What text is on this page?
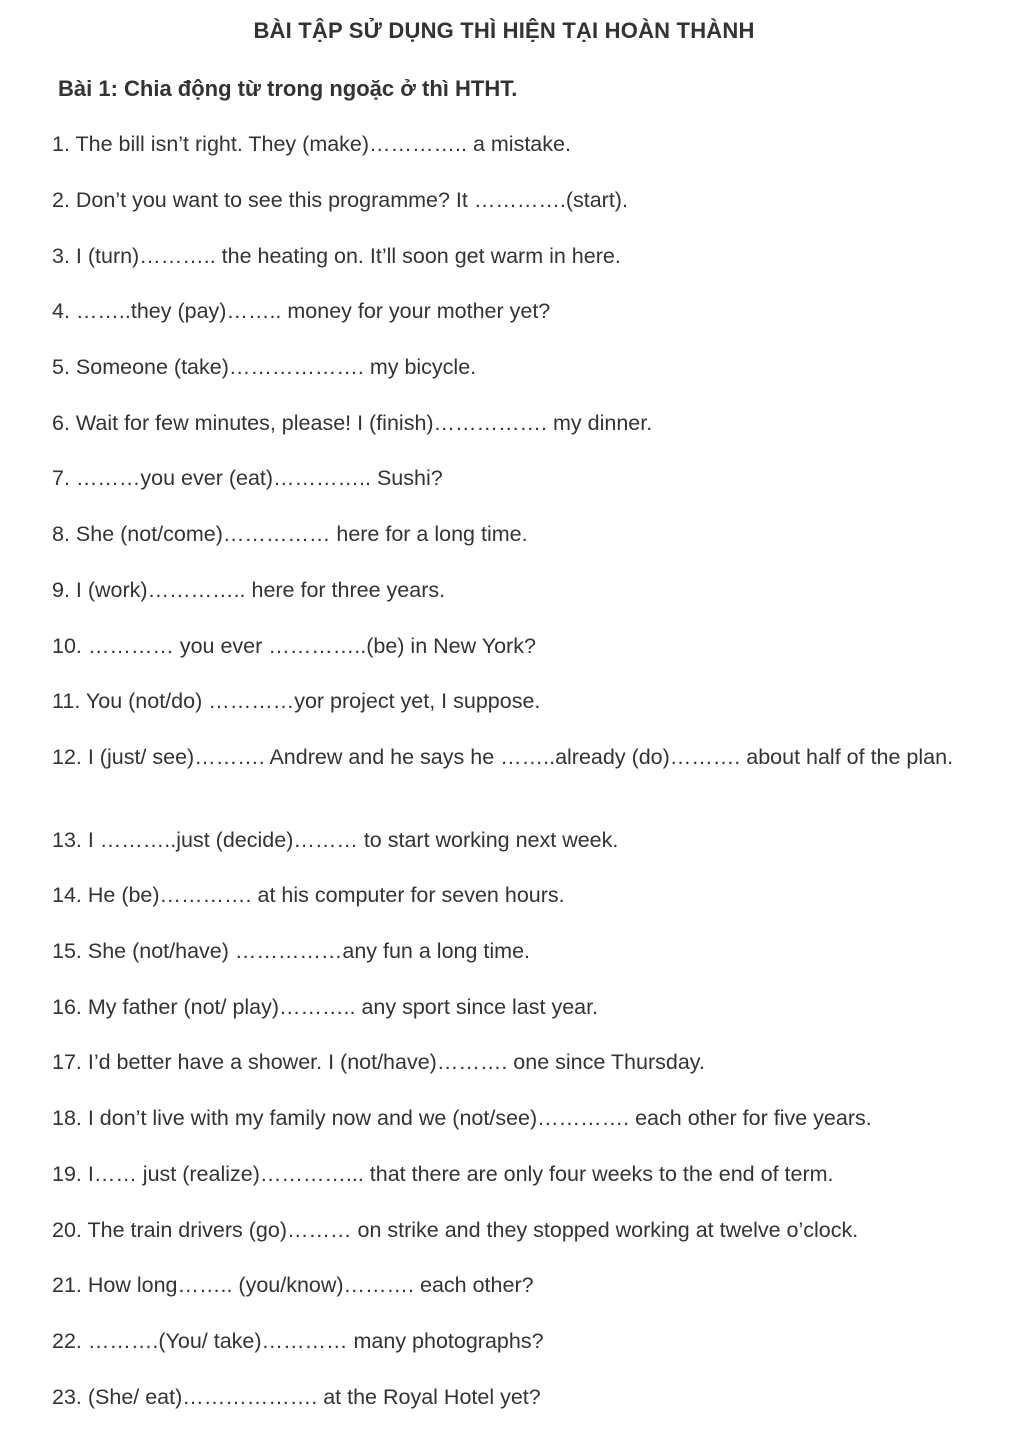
BÀI TẬP SỬ DỤNG THÌ HIỆN TẠI HOÀN THÀNH
Bài 1: Chia động từ trong ngoặc ở thì HTHT.
1. The bill isn’t right. They (make)………….. a mistake.
2. Don’t you want to see this programme? It ………….(start).
3. I (turn)……….. the heating on. It’ll soon get warm in here.
4. ……..they (pay)…….. money for your mother yet?
5. Someone (take)………………. my bicycle.
6. Wait for few minutes, please! I (finish)……………. my dinner.
7. ………you ever (eat)………….. Sushi?
8. She (not/come)…………… here for a long time.
9. I (work)………….. here for three years.
10. ………… you ever …………..(be) in New York?
11. You (not/do) …………yor project yet, I suppose.
12. I (just/ see)………. Andrew and he says he ……..already (do)………. about half of the plan.
13. I ………..just (decide)……… to start working next week.
14. He (be)…………. at his computer for seven hours.
15. She (not/have) ……………any fun a long time.
16. My father (not/ play)……….. any sport since last year.
17. I’d better have a shower. I (not/have)………. one since Thursday.
18. I don’t live with my family now and we (not/see)…………. each other for five years.
19. I…… just (realize)…………... that there are only four weeks to the end of term.
20. The train drivers (go)……… on strike and they stopped working at twelve o’clock.
21. How long…….. (you/know)………. each other?
22. ……….(You/ take)………… many photographs?
23. (She/ eat)………………. at the Royal Hotel yet?
